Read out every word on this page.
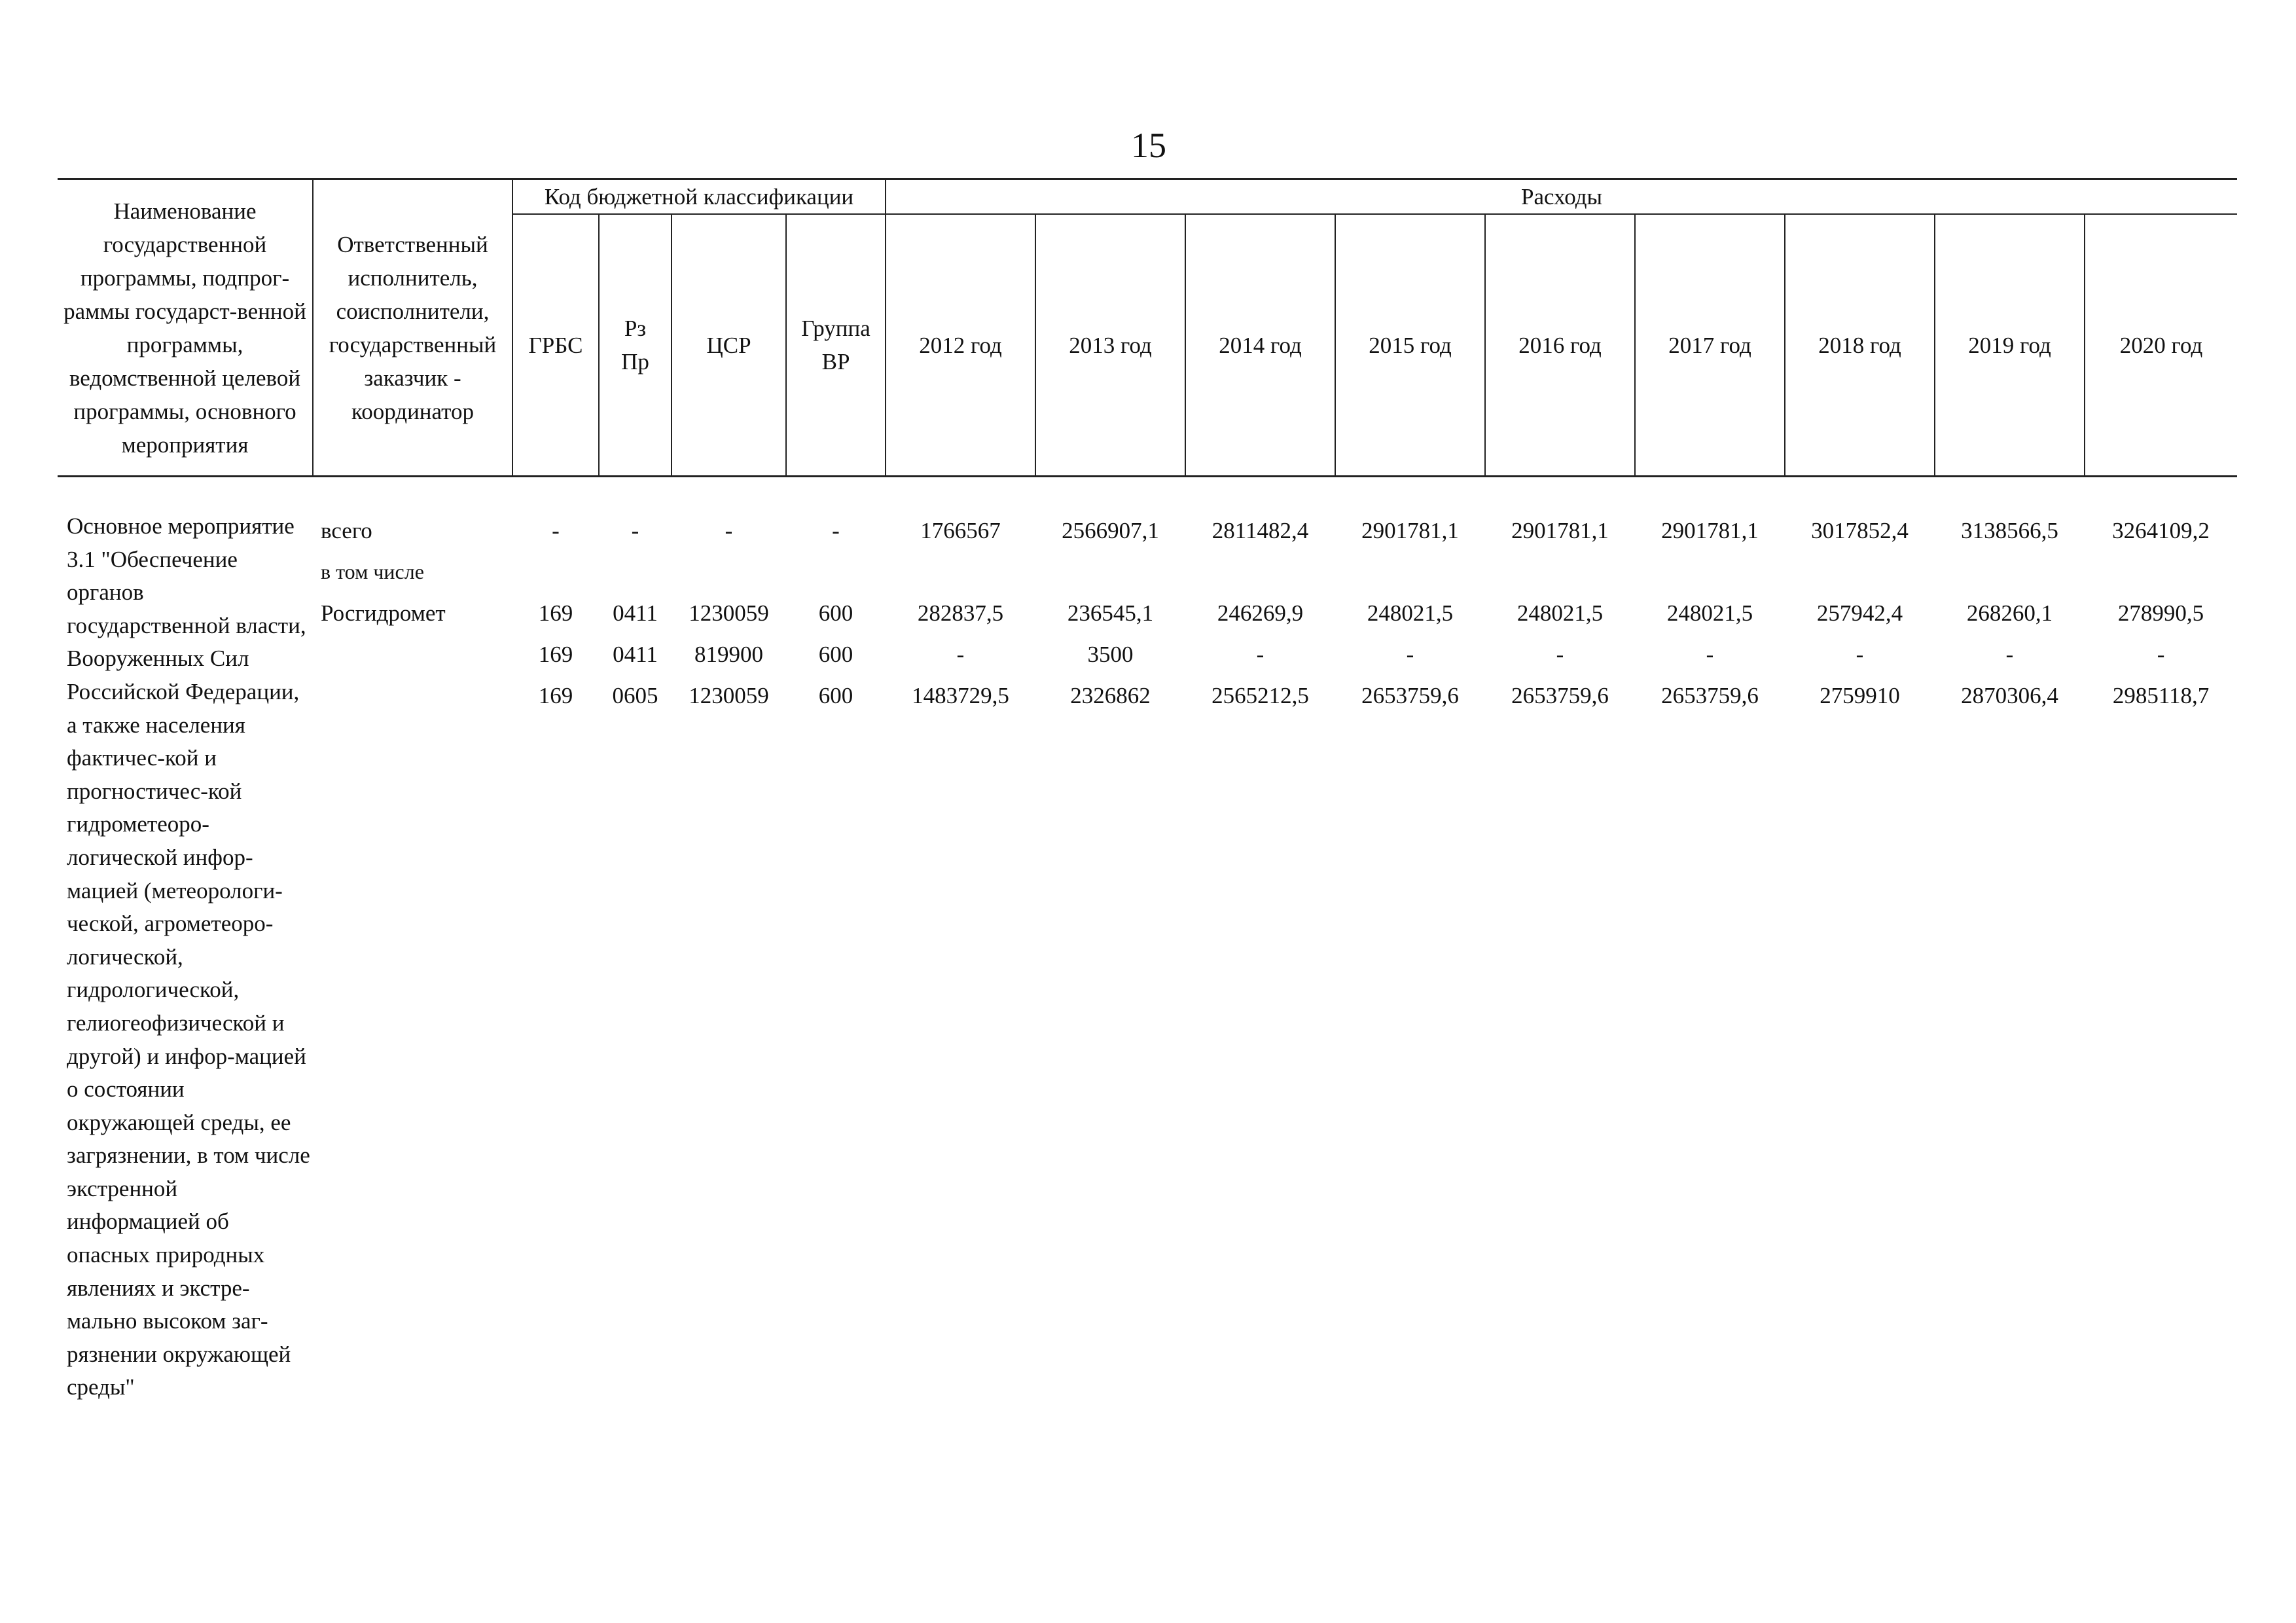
15
Наименование государственной программы, подпрог-раммы государст-венной программы, ведомственной целевой программы, основного мероприятия	Ответственный исполнитель, соисполнители, государственный заказчик - координатор	Код бюджетной классификации				Расходы								
		ГРБС	Рз Пр	ЦСР	Группа ВР	2012 год	2013 год	2014 год	2015 год	2016 год	2017 год	2018 год	2019 год	2020 год

Основное мероприятие 3.1 "Обеспечение органов государственной власти, Вооруженных Сил Российской Федерации, а также населения фактичес-кой и прогностичес-кой гидрометеоро-логической инфор-мацией (метеорологи-ческой, агрометеоро-логической, гидрологической, гелиогеофизической и другой) и инфор-мацией о состоянии окружающей среды, ее загрязнении, в том числе экстренной информацией об опасных природных явлениях и экстре-мально высоком заг-рязнении окружающей среды"	всего	-	-	-	-	1766567	2566907,1	2811482,4	2901781,1	2901781,1	2901781,1	3017852,4	3138566,5	3264109,2
	в том числе													
	Росгидромет	169	0411	1230059	600	282837,5	236545,1	246269,9	248021,5	248021,5	248021,5	257942,4	268260,1	278990,5
		169	0411	819900	600	-	3500	-	-	-	-	-	-	-
		169	0605	1230059	600	1483729,5	2326862	2565212,5	2653759,6	2653759,6	2653759,6	2759910	2870306,4	2985118,7
